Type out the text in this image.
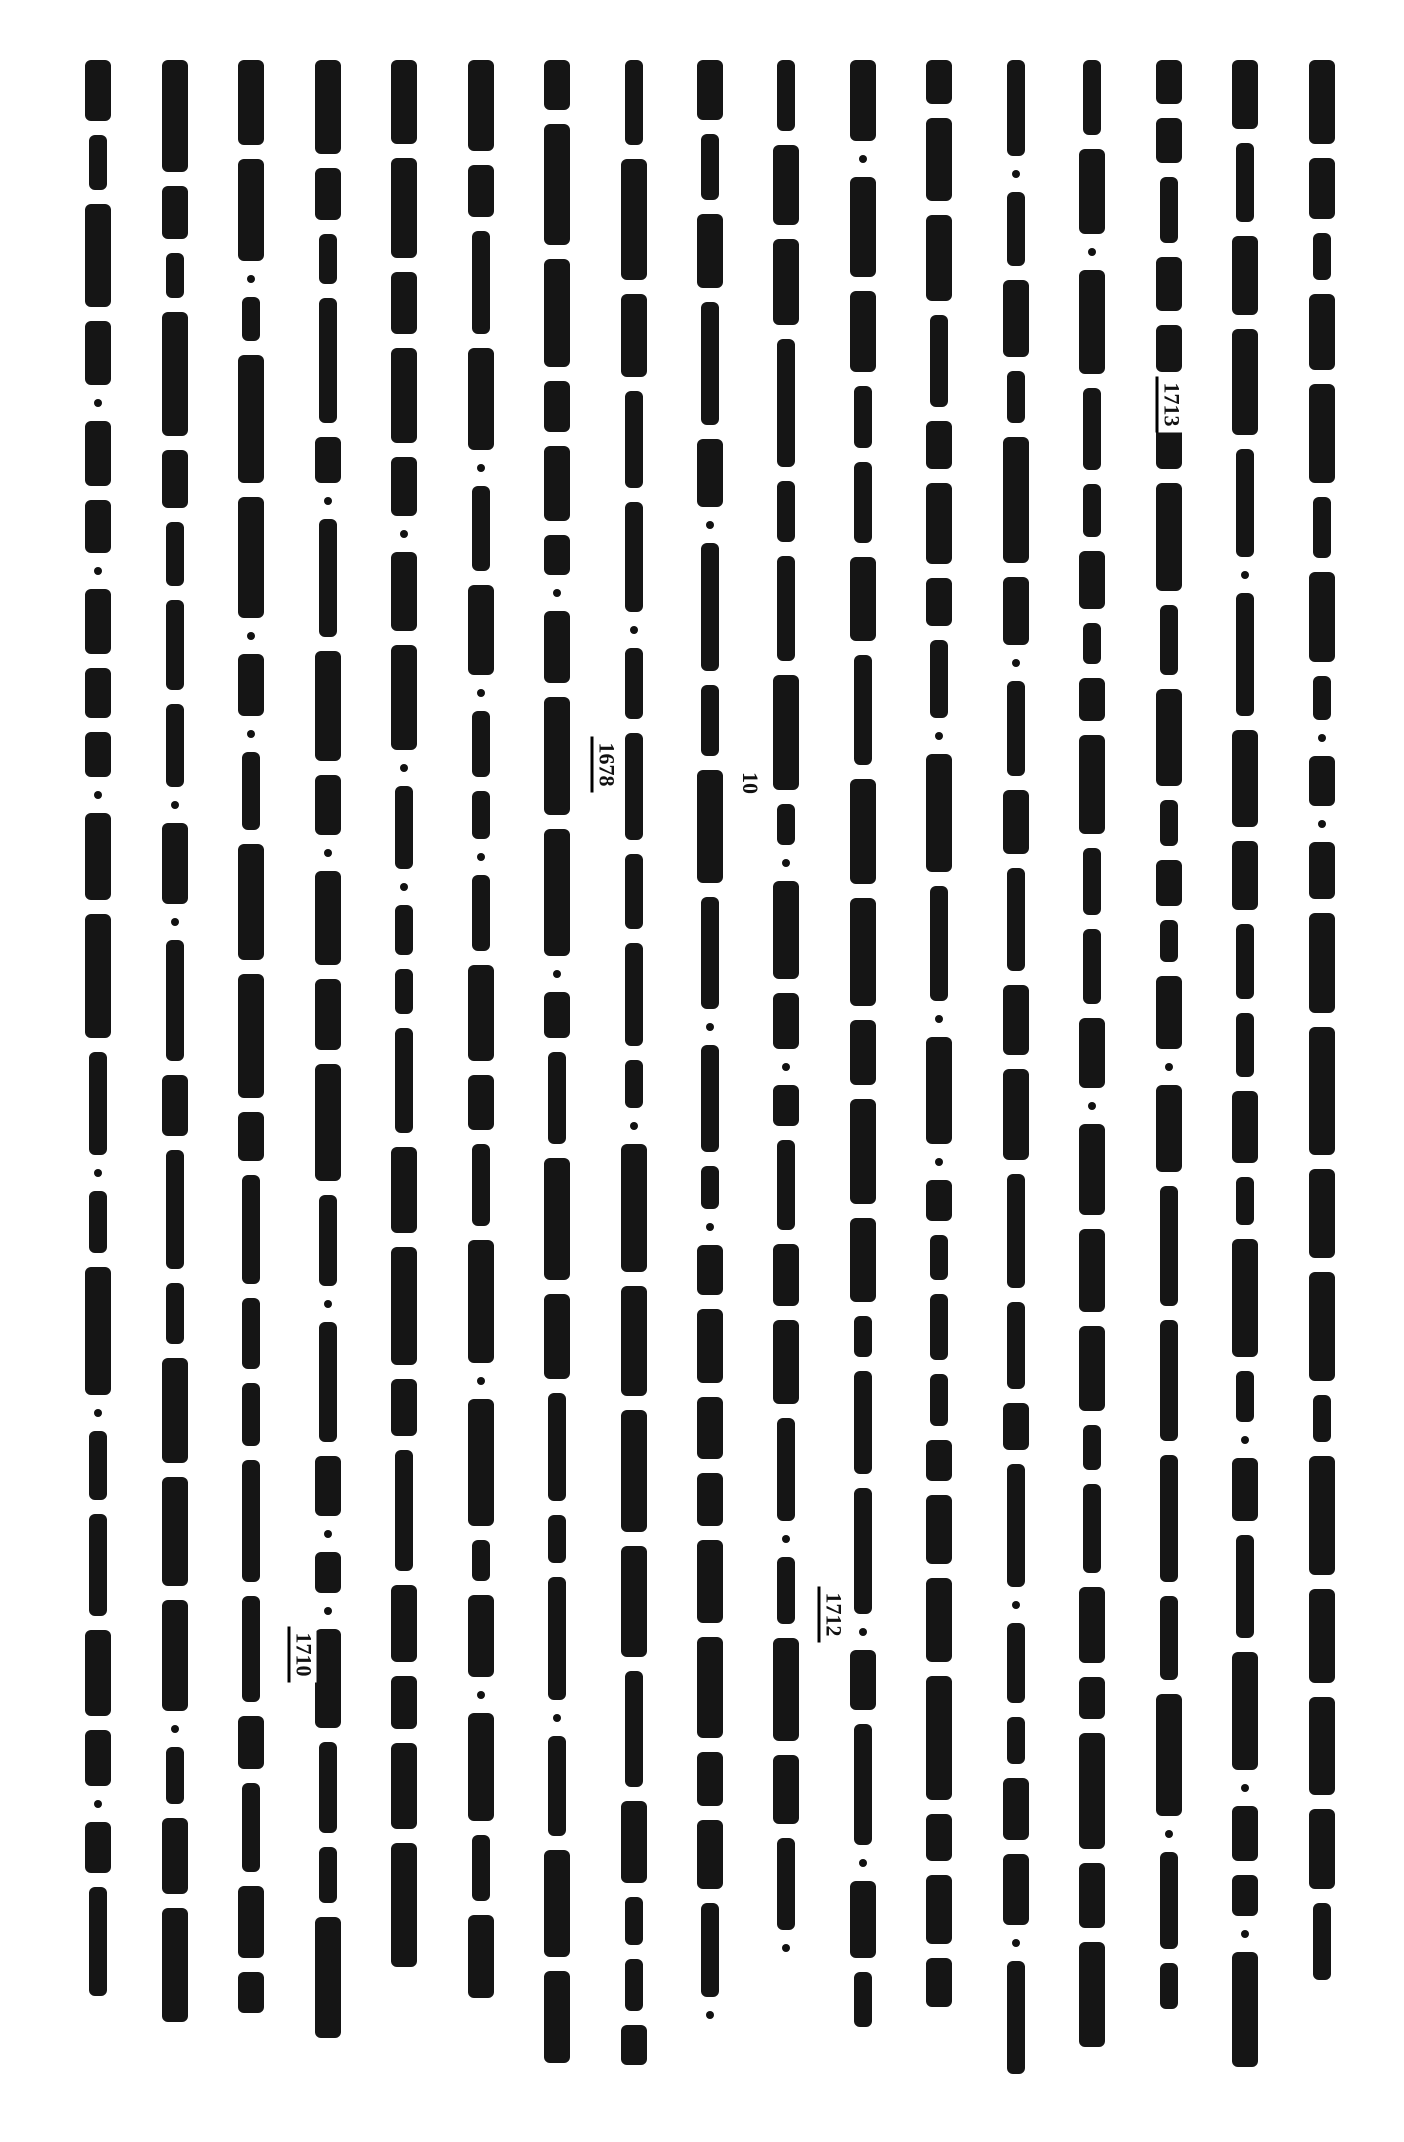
1713
1678	10
1712
1710
